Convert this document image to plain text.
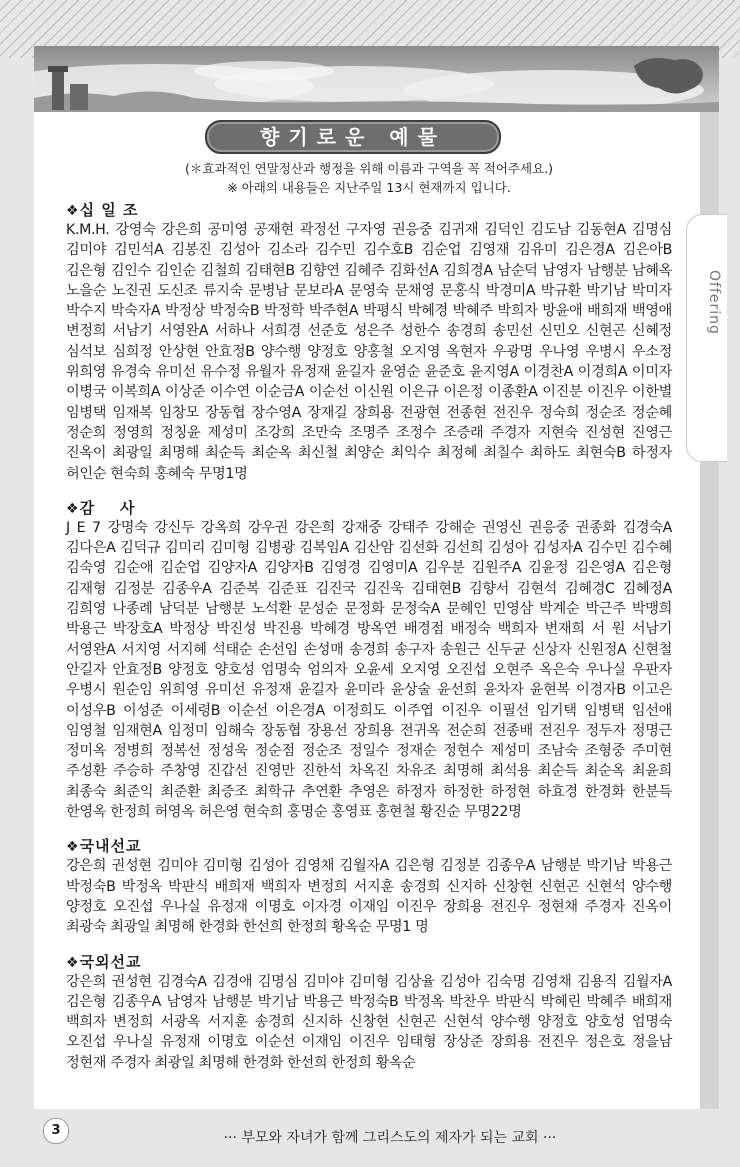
Offering
향기로운 예물
(＊효과적인 연말정산과 행정을 위해 이름과 구역을 꼭 적어주세요.)
※ 아래의 내용들은 지난주일 13시 현재까지 입니다.
❖십 일 조
K.M.H. 강영숙 강은희 공미영 공재현 곽정선 구자영 권응중 김귀재 김덕인 김도남 김동현A 김명심 김미야 김민석A 김봉진 김성아 김소라 김수민 김수호B 김순업 김영재 김유미 김은경A 김은아B 김은형 김인수 김인순 김철희 김태현B 김향연 김혜주 김화선A 김희경A 남순덕 남영자 남행분 남혜옥 노을순 노진권 도신조 류지숙 문병남 문보라A 문영숙 문채영 문홍식 박경미A 박규환 박기남 박미자 박수지 박숙자A 박정상 박정숙B 박정학 박주현A 박평식 박혜경 박혜주 박희자 방윤애 배희재 백영애 변정희 서남기 서영완A 서하나 서희경 선준호 성은주 성한수 송경희 송민선 신민오 신현곤 신혜정 심석보 심희정 안상현 안효정B 양수행 양정호 양홍철 오지영 옥현자 우광명 우나영 우병시 우소정 위희영 유경숙 유미선 유수정 유월자 유정재 윤길자 윤영순 윤준호 윤지영A 이경찬A 이경희A 이미자 이병국 이복희A 이상준 이수연 이순금A 이순선 이신원 이은규 이은정 이종환A 이진분 이진우 이한별 임병택 임재복 임창모 장동협 장수영A 장재길 장희용 전광현 전종현 전진우 정숙희 정순조 정순혜 정순희 정영희 정칭윤 제성미 조강희 조만숙 조명주 조정수 조증래 주경자 지현숙 진성현 진영근 진옥이 최광일 최명해 최순득 최순옥 최신철 최양순 최익수 최정혜 최칠수 최하도 최현숙B 하정자 허인순 현숙희 홍혜숙 무명1명
❖감    사
J E 7 강명숙 강신두 강옥희 강우권 강은희 강재중 강태주 강해순 권영신 권응중 권종화 김경숙A 김다은A 김덕규 김미리 김미형 김병광 김복임A 김산암 김선화 김선희 김성아 김성자A 김수민 김수혜 김숙영 김순애 김순업 김양자A 김양자B 김영경 김영미A 김우분 김원주A 김윤정 김은영A 김은형 김재형 김정분 김종우A 김준복 김준표 김진국 김진욱 김태현B 김향서 김현석 김혜경C 김혜정A 김희영 나종례 남덕분 남행분 노석환 문성순 문정화 문정숙A 문혜인 민영삼 박계순 박근주 박맹희 박용근 박장호A 박정상 박진성 박진용 박혜경 방옥연 배경점 배정숙 백희자 변재희 서 원 서남기 서영완A 서지영 서지혜 석태순 손선임 손성매 송경희 송구자 송원근 신두균 신상자 신원정A 신현철 안길자 안효정B 양정호 양호성 엄명숙 엄의자 오윤세 오지영 오진섭 오현주 옥은숙 우나실 우판자 우병시 원순임 위희영 유미선 유정재 윤길자 윤미라 윤상술 윤선희 윤차자 윤현복 이경자B 이고은 이성우B 이성준 이세령B 이순선 이은경A 이정희도 이주엽 이진우 이필선 임기택 임병택 임선애 임영철 임재현A 임정미 임해숙 장동협 장용선 장희용 전귀옥 전순희 전종배 전진우 정두자 정명근 정미옥 정병희 정복선 정성욱 정순점 정순조 정일수 정재순 정현수 제성미 조남숙 조형중 주미현 주성환 주승하 주창영 진갑선 진영만 진한석 차옥진 차유조 최명해 최석용 최순득 최순옥 최윤희 최종숙 최준익 최준환 최증조 최학규 추연환 추영은 하정자 하정한 하정현 하효경 한경화 한분득 한영옥 한정희 허영옥 허은영 현숙희 홍명순 홍영표 홍현철 황진순 무명22명
❖국내선교
강은희 권성현 김미야 김미형 김성아 김영채 김월자A 김은형 김정분 김종우A 남행분 박기남 박용근 박정숙B 박정옥 박판식 배희재 백희자 변정희 서지훈 송경희 신지하 신창현 신현곤 신현석 양수행 양정호 오진섭 우나실 유정재 이명호 이자경 이재임 이진우 장희용 전진우 정현채 주경자 진옥이 최광숙 최광일 최명해 한경화 한선희 한정희 황옥순 무명1 명
❖국외선교
강은희 권성현 김경숙A 김경애 김명심 김미야 김미형 김상율 김성아 김숙명 김영채 김용직 김월자A 김은형 김종우A 남영자 남행분 박기남 박용근 박정숙B 박정옥 박찬우 박판식 박혜린 박혜주 배희재 백희자 변정희 서광옥 서지훈 송경희 신지하 신창현 신현곤 신현석 양수행 양정호 양호성 엄명숙 오진섭 우나실 유정재 이명호 이순선 이재임 이진우 임태형 장상준 장희용 전진우 정은호 정을남 정현재 주경자 최광일 최명해 한경화 한선희 한정희 황옥순
3	··· 부모와 자녀가 함께 그리스도의 제자가 되는 교회 ···
